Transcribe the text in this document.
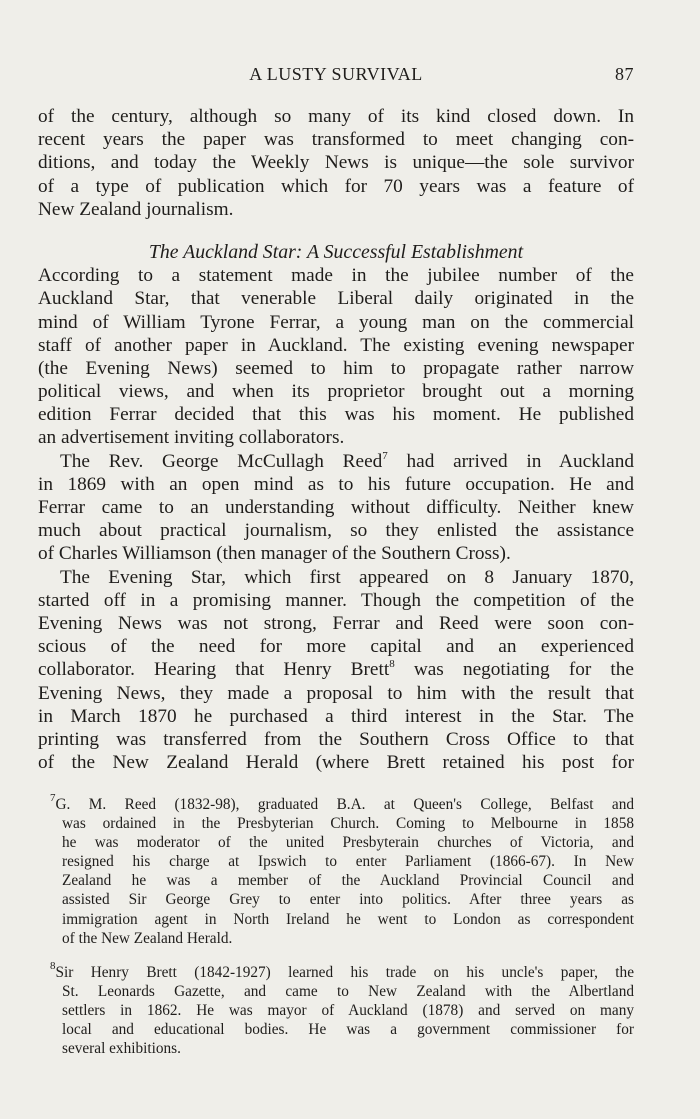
A LUSTY SURVIVAL	87
of the century, although so many of its kind closed down. In
recent years the paper was transformed to meet changing con-
ditions, and today the Weekly News is unique—the sole survivor
of a type of publication which for 70 years was a feature of
New Zealand journalism.
The Auckland Star: A Successful Establishment
According to a statement made in the jubilee number of the
Auckland Star, that venerable Liberal daily originated in the
mind of William Tyrone Ferrar, a young man on the commercial
staff of another paper in Auckland. The existing evening newspaper
(the Evening News) seemed to him to propagate rather narrow
political views, and when its proprietor brought out a morning
edition Ferrar decided that this was his moment. He published
an advertisement inviting collaborators.
The Rev. George McCullagh Reed$^7$ had arrived in Auckland
in 1869 with an open mind as to his future occupation. He and
Ferrar came to an understanding without difficulty. Neither knew
much about practical journalism, so they enlisted the assistance
of Charles Williamson (then manager of the Southern Cross).
The Evening Star, which first appeared on 8 January 1870,
started off in a promising manner. Though the competition of the
Evening News was not strong, Ferrar and Reed were soon con-
scious of the need for more capital and an experienced
collaborator. Hearing that Henry Brett$^8$ was negotiating for the
Evening News, they made a proposal to him with the result that
in March 1870 he purchased a third interest in the Star. The
printing was transferred from the Southern Cross Office to that
of the New Zealand Herald (where Brett retained his post for
$^7$G. M. Reed (1832-98), graduated B.A. at Queen's College, Belfast and
was ordained in the Presbyterian Church. Coming to Melbourne in 1858
he was moderator of the united Presbyterain churches of Victoria, and
resigned his charge at Ipswich to enter Parliament (1866-67). In New
Zealand he was a member of the Auckland Provincial Council and
assisted Sir George Grey to enter into politics. After three years as
immigration agent in North Ireland he went to London as correspondent
of the New Zealand Herald.
$^8$Sir Henry Brett (1842-1927) learned his trade on his uncle's paper, the
St. Leonards Gazette, and came to New Zealand with the Albertland
settlers in 1862. He was mayor of Auckland (1878) and served on many
local and educational bodies. He was a government commissioner for
several exhibitions.
